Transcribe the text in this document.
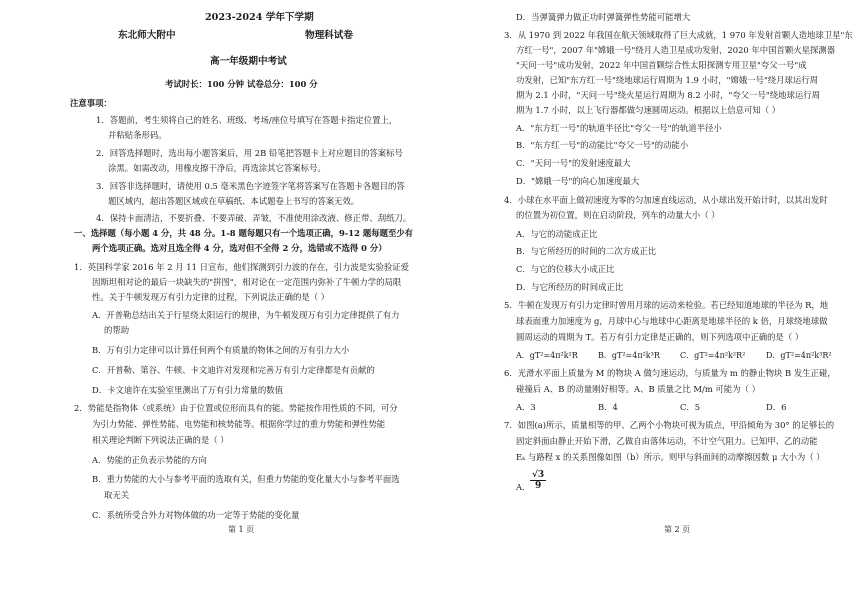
2023-2024 学年下学期
东北师大附中	物理科试卷
高一年级期中考试
考试时长：100 分钟 试卷总分：100 分
注意事项：
1．答题前，考生须将自己的姓名、班级、考场/座位号填写在答题卡指定位置上，
并粘贴条形码。
2．回答选择题时，选出每小题答案后，用 2B 铅笔把答题卡上对应题目的答案标号
涂黑。如需改动，用橡皮擦干净后，再选涂其它答案标号。
3．回答非选择题时，请使用 0.5 毫米黑色字迹签字笔将答案写在答题卡各题目的答
题区域内，超出答题区域或在草稿纸、本试题卷上书写的答案无效。
4．保持卡面清洁，不要折叠、不要弄破、弄皱，不准使用涂改液、修正带、刮纸刀。
一、选择题（每小题 4 分，共 48 分。1-8 题每题只有一个选项正确，9-12 题每题至少有
两个选项正确。选对且选全得 4 分，选对但不全得 2 分，选错或不选得 0 分）
1．英国科学家 2016 年 2 月 11 日宣布，他们探测到引力波的存在，引力波是实验验证爱
因斯坦相对论的最后一块缺失的"拼图"，相对论在一定范围内弥补了牛顿力学的局限
性。关于牛顿发现万有引力定律的过程，下列说法正确的是（ ）
A．开普勒总结出关于行星绕太阳运行的规律，为牛顿发现万有引力定律提供了有力
的帮助
B．万有引力定律可以计算任何两个有质量的物体之间的万有引力大小
C．开普勒、第谷、牛顿、卡文迪许对发现和完善万有引力定律都是有贡献的
D．卡文迪许在实验室里测出了万有引力常量的数值
2．势能是指物体（或系统）由于位置或位形而具有的能。势能按作用性质的不同，可分
为引力势能、弹性势能、电势能和核势能等。根据你学过的重力势能和弹性势能
相关理论判断下列说法正确的是（ ）
A．势能的正负表示势能的方向
B．重力势能的大小与参考平面的选取有关，但重力势能的变化量大小与参考平面选
取无关
C．系统所受合外力对物体做的功一定等于势能的变化量
第 1 页
D．当弹簧弹力做正功时弹簧弹性势能可能增大
3．从 1970 到 2022 年我国在航天领域取得了巨大成就，1 970 年发射首颗人造地球卫星"东
方红一号"，2007 年"嫦娥一号"绕月人造卫星成功发射，2020 年中国首颗火星探测器
"天问一号"成功发射，2022 年中国首颗综合性太阳探测专用卫星"夸父一号"成
功发射，已知"东方红一号"绕地球运行周期为 1.9 小时，"嫦娥一号"绕月球运行周
期为 2.1 小时，"天问一号"绕火星运行周期为 8.2 小时，"夸父一号"绕地球运行周
期为 1.7 小时，以上飞行器都做匀速圆周运动。根据以上信息可知（ ）
A．"东方红一号"的轨道半径比"夸父一号"的轨道半径小
B．"东方红一号"的动能比"夸父一号"的动能小
C．"天问一号"的发射速度最大
D．"嫦娥一号"的向心加速度最大
4．小球在水平面上做初速度为零的匀加速直线运动，从小球出发开始计时，以其出发时
的位置为初位置，则在启动阶段，列车的动量大小（ ）
A．与它的动能成正比
B．与它所经历的时间的二次方成正比
C．与它的位移大小成正比
D．与它所经历的时间成正比
5．牛顿在发现万有引力定律时曾用月球的运动来检验。若已经知道地球的半径为 R，地
球表面重力加速度为 g，月球中心与地球中心距离是地球半径的 k 倍，月球绕地球做
圆周运动的周期为 T。若万有引力定律是正确的，则下列选项中正确的是（ ）
A．gT²=4π²k²R	B．gT²=4π²k³R	C．gT²=4π²k²R²	D．gT²=4π²k³R²
6．光滑水平面上质量为 M 的物块 A 做匀速运动，与质量为 m 的静止物块 B 发生正碰，
碰撞后 A、B 的动量刚好相等。A、B 质量之比 M/m 可能为（ ）
A．3	B．4	C．5	D．6
7．如图(a)所示，质量相等的甲、乙两个小物块可视为质点，甲沿倾角为 30° 的足够长的
固定斜面由静止开始下滑，乙做自由落体运动，不计空气阻力。已知甲、乙的动能
Eₖ 与路程 x 的关系图像如图（b）所示。则甲与斜面间的动摩擦因数 μ 大小为（ ）
A． $\frac{√3}{9}$
第 2 页
